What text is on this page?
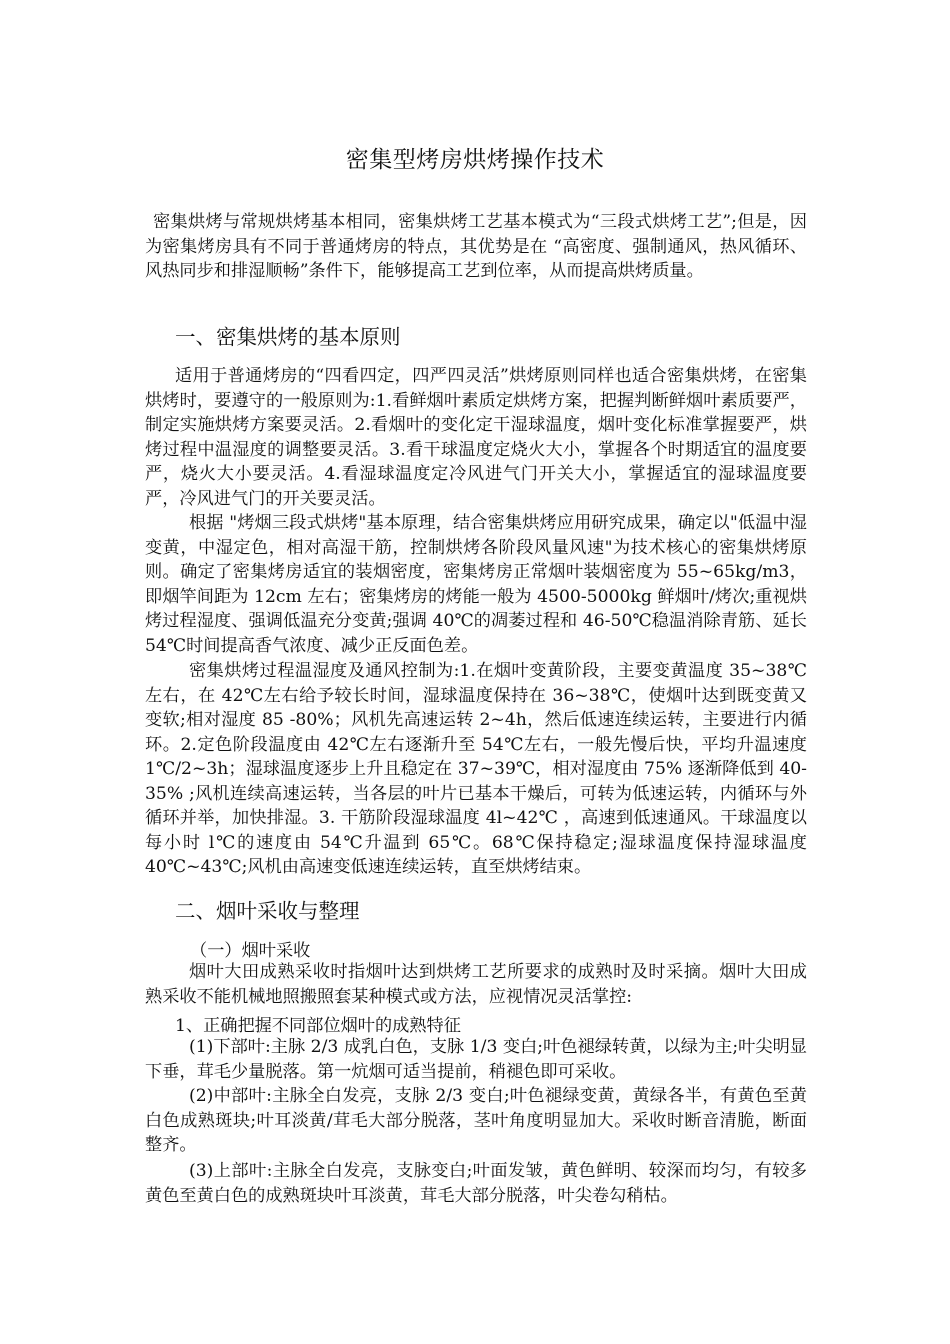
密集型烤房烘烤操作技术

密集烘烤与常规烘烤基本相同，密集烘烤工艺基本模式为“三段式烘烤工艺”;但是，因为密集烤房具有不同于普通烤房的特点，其优势是在 “高密度、强制通风，热风循环、风热同步和排湿顺畅”条件下，能够提高工艺到位率，从而提高烘烤质量。

一、密集烘烤的基本原则

适用于普通烤房的“四看四定，四严四灵活”烘烤原则同样也适合密集烘烤，在密集烘烤时，要遵守的一般原则为:1.看鲜烟叶素质定烘烤方案，把握判断鲜烟叶素质要严，制定实施烘烤方案要灵活。2.看烟叶的变化定干湿球温度，烟叶变化标准掌握要严，烘烤过程中温湿度的调整要灵活。3.看干球温度定烧火大小，掌握各个时期适宜的温度要严，烧火大小要灵活。4.看湿球温度定冷风进气门开关大小，掌握适宜的湿球温度要严，冷风进气门的开关要灵活。

根据 "烤烟三段式烘烤"基本原理，结合密集烘烤应用研究成果，确定以"低温中湿变黄，中湿定色，相对高湿干筋，控制烘烤各阶段风量风速"为技术核心的密集烘烤原则。确定了密集烤房适宜的装烟密度，密集烤房正常烟叶装烟密度为 55~65kg/m3，即烟竿间距为 12cm 左右；密集烤房的烤能一般为 4500-5000kg 鲜烟叶/烤次;重视烘烤过程湿度、强调低温充分变黄;强调 40℃的凋萎过程和 46-50℃稳温消除青筋、延长 54℃时间提高香气浓度、减少正反面色差。

密集烘烤过程温湿度及通风控制为:1.在烟叶变黄阶段，主要变黄温度 35~38℃左右，在 42℃左右给予较长时间，湿球温度保持在 36~38℃，使烟叶达到既变黄又变软;相对湿度 85 -80%；风机先高速运转 2~4h，然后低速连续运转，主要进行内循环。2.定色阶段温度由 42℃左右逐渐升至 54℃左右，一般先慢后快，平均升温速度 1℃/2~3h；湿球温度逐步上升且稳定在 37~39℃，相对湿度由 75% 逐渐降低到 40-35% ;风机连续高速运转，当各层的叶片已基本干燥后，可转为低速运转，内循环与外循环并举，加快排湿。3. 干筋阶段湿球温度 4l~42℃ ，高速到低速通风。干球温度以每小时 l℃的速度由 54℃升温到 65℃。68℃保持稳定;湿球温度保持湿球温度 40℃~43℃;风机由高速变低速连续运转，直至烘烤结束。

二、烟叶采收与整理
（一）烟叶采收

烟叶大田成熟采收时指烟叶达到烘烤工艺所要求的成熟时及时采摘。烟叶大田成熟采收不能机械地照搬照套某种模式或方法，应视情况灵活掌控:

1、正确把握不同部位烟叶的成熟特征

(1)下部叶:主脉 2/3 成乳白色，支脉 1/3 变白;叶色褪绿转黄，以绿为主;叶尖明显下垂，茸毛少量脱落。第一炕烟可适当提前，稍褪色即可采收。

(2)中部叶:主脉全白发亮，支脉 2/3 变白;叶色褪绿变黄，黄绿各半，有黄色至黄白色成熟斑块;叶耳淡黄/茸毛大部分脱落，茎叶角度明显加大。采收时断音清脆，断面整齐。

(3)上部叶:主脉全白发亮，支脉变白;叶面发皱，黄色鲜明、较深而均匀，有较多黄色至黄白色的成熟斑块叶耳淡黄，茸毛大部分脱落，叶尖卷勾稍枯。
